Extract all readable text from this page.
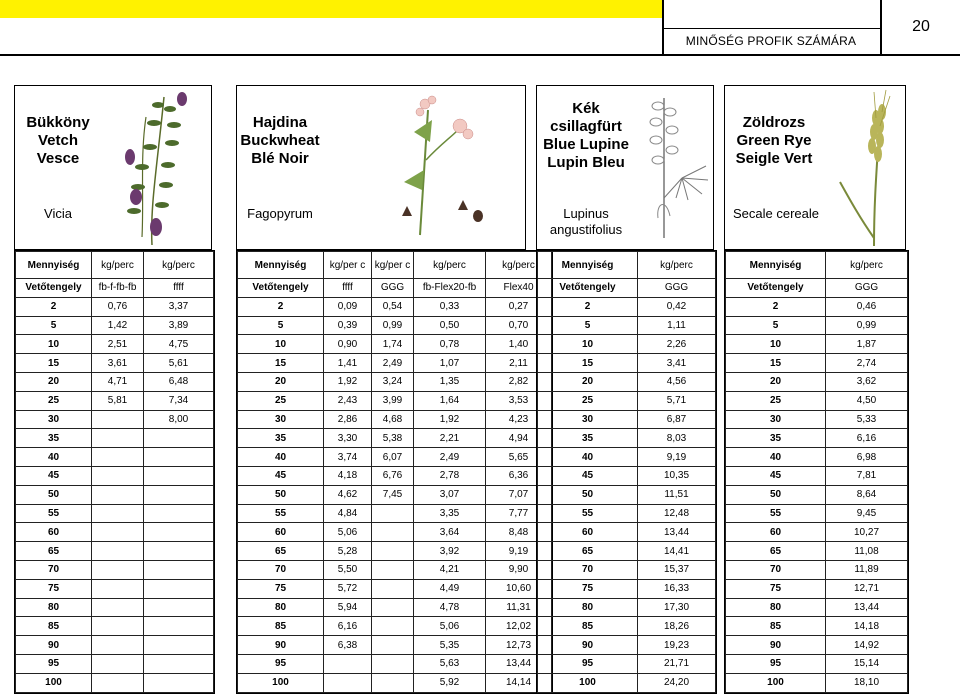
MINŐSÉG PROFIK SZÁMÁRA
20
Bükköny
Vetch
Vesce
Vicia
Hajdina
Buckwheat
Blé Noir
Fagopyrum
Kék
csillagfürt
Blue Lupine
Lupin Bleu
Lupinus angustifolius
Zöldrozs
Green Rye
Seigle Vert
Secale cereale
Mennyiség	kg/perc	kg/perc
Vetőtengely	fb-f-fb-fb	ffff
2	0,76	3,37
5	1,42	3,89
10	2,51	4,75
15	3,61	5,61
20	4,71	6,48
25	5,81	7,34
30		8,00
35		
40		
45		
50		
55		
60		
65		
70		
75		
80		
85		
90		
95		
100		
Mennyiség	kg/per c	kg/per c	kg/perc	kg/perc
Vetőtengely	ffff	GGG	fb-Flex20-fb	Flex40
2	0,09	0,54	0,33	0,27
5	0,39	0,99	0,50	0,70
10	0,90	1,74	0,78	1,40
15	1,41	2,49	1,07	2,11
20	1,92	3,24	1,35	2,82
25	2,43	3,99	1,64	3,53
30	2,86	4,68	1,92	4,23
35	3,30	5,38	2,21	4,94
40	3,74	6,07	2,49	5,65
45	4,18	6,76	2,78	6,36
50	4,62	7,45	3,07	7,07
55	4,84		3,35	7,77
60	5,06		3,64	8,48
65	5,28		3,92	9,19
70	5,50		4,21	9,90
75	5,72		4,49	10,60
80	5,94		4,78	11,31
85	6,16		5,06	12,02
90	6,38		5,35	12,73
95			5,63	13,44
100			5,92	14,14
Mennyiség	kg/perc
Vetőtengely	GGG
2	0,42
5	1,11
10	2,26
15	3,41
20	4,56
25	5,71
30	6,87
35	8,03
40	9,19
45	10,35
50	11,51
55	12,48
60	13,44
65	14,41
70	15,37
75	16,33
80	17,30
85	18,26
90	19,23
95	21,71
100	24,20
Mennyiség	kg/perc
Vetőtengely	GGG
2	0,46
5	0,99
10	1,87
15	2,74
20	3,62
25	4,50
30	5,33
35	6,16
40	6,98
45	7,81
50	8,64
55	9,45
60	10,27
65	11,08
70	11,89
75	12,71
80	13,44
85	14,18
90	14,92
95	15,14
100	18,10
